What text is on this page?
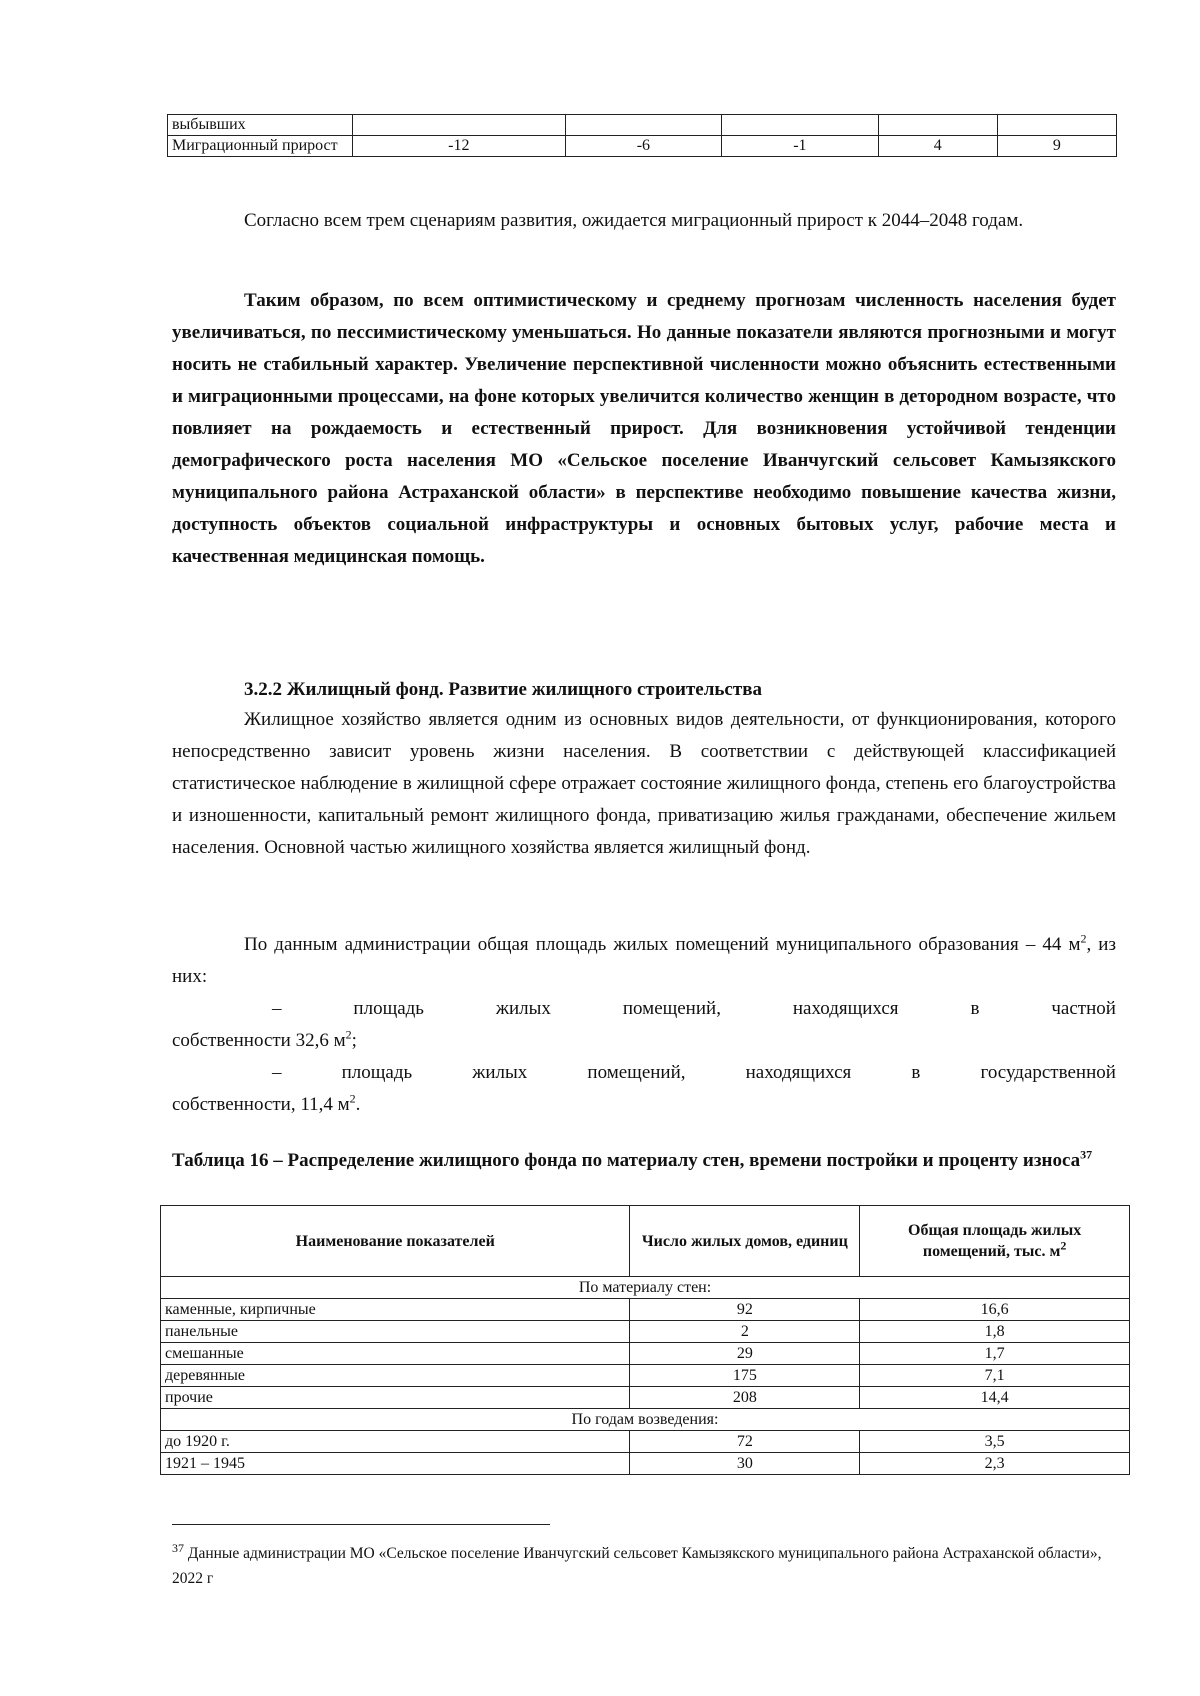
выбывших					
Миграционный прирост	-12	-6	-1	4	9

Согласно всем трем сценариям развития, ожидается миграционный прирост к 2044–2048 годам.

Таким образом, по всем оптимистическому и среднему прогнозам численность населения будет увеличиваться, по пессимистическому уменьшаться. Но данные показатели являются прогнозными и могут носить не стабильный характер. Увеличение перспективной численности можно объяснить естественными и миграционными процессами, на фоне которых увеличится количество женщин в детородном возрасте, что повлияет на рождаемость и естественный прирост. Для возникновения устойчивой тенденции демографического роста населения МО «Сельское поселение Иванчугский сельсовет Камызякского муниципального района Астраханской области» в перспективе необходимо повышение качества жизни, доступность объектов социальной инфраструктуры и основных бытовых услуг, рабочие места и качественная медицинская помощь.

3.2.2 Жилищный фонд. Развитие жилищного строительства

Жилищное хозяйство является одним из основных видов деятельности, от функционирования, которого непосредственно зависит уровень жизни населения. В соответствии с действующей классификацией статистическое наблюдение в жилищной сфере отражает состояние жилищного фонда, степень его благоустройства и изношенности, капитальный ремонт жилищного фонда, приватизацию жилья гражданами, обеспечение жильем населения. Основной частью жилищного хозяйства является жилищный фонд.

По данным администрации общая площадь жилых помещений муниципального образования – 44 $м^2$, из них:

–	площадь	жилых	помещений,	находящихся	в	частной
собственности 32,6 $м^2$;
–	площадь	жилых	помещений,	находящихся	в	государственной
собственности, 11,4 $м^2$.
Таблица 16 – Распределение жилищного фонда по материалу стен, времени постройки и проценту износа$^{37}$
Наименование показателей	Число жилых домов, единиц	Общая площадь жилых помещений, тыс. $м^2$
По материалу стен:		
каменные, кирпичные	92	16,6
панельные	2	1,8
смешанные	29	1,7
деревянные	175	7,1
прочие	208	14,4
По годам возведения:		
до 1920 г.	72	3,5
1921 – 1945	30	2,3
$^{37}$ Данные администрации МО «Сельское поселение Иванчугский сельсовет Камызякского муниципального района Астраханской области», 2022 г
